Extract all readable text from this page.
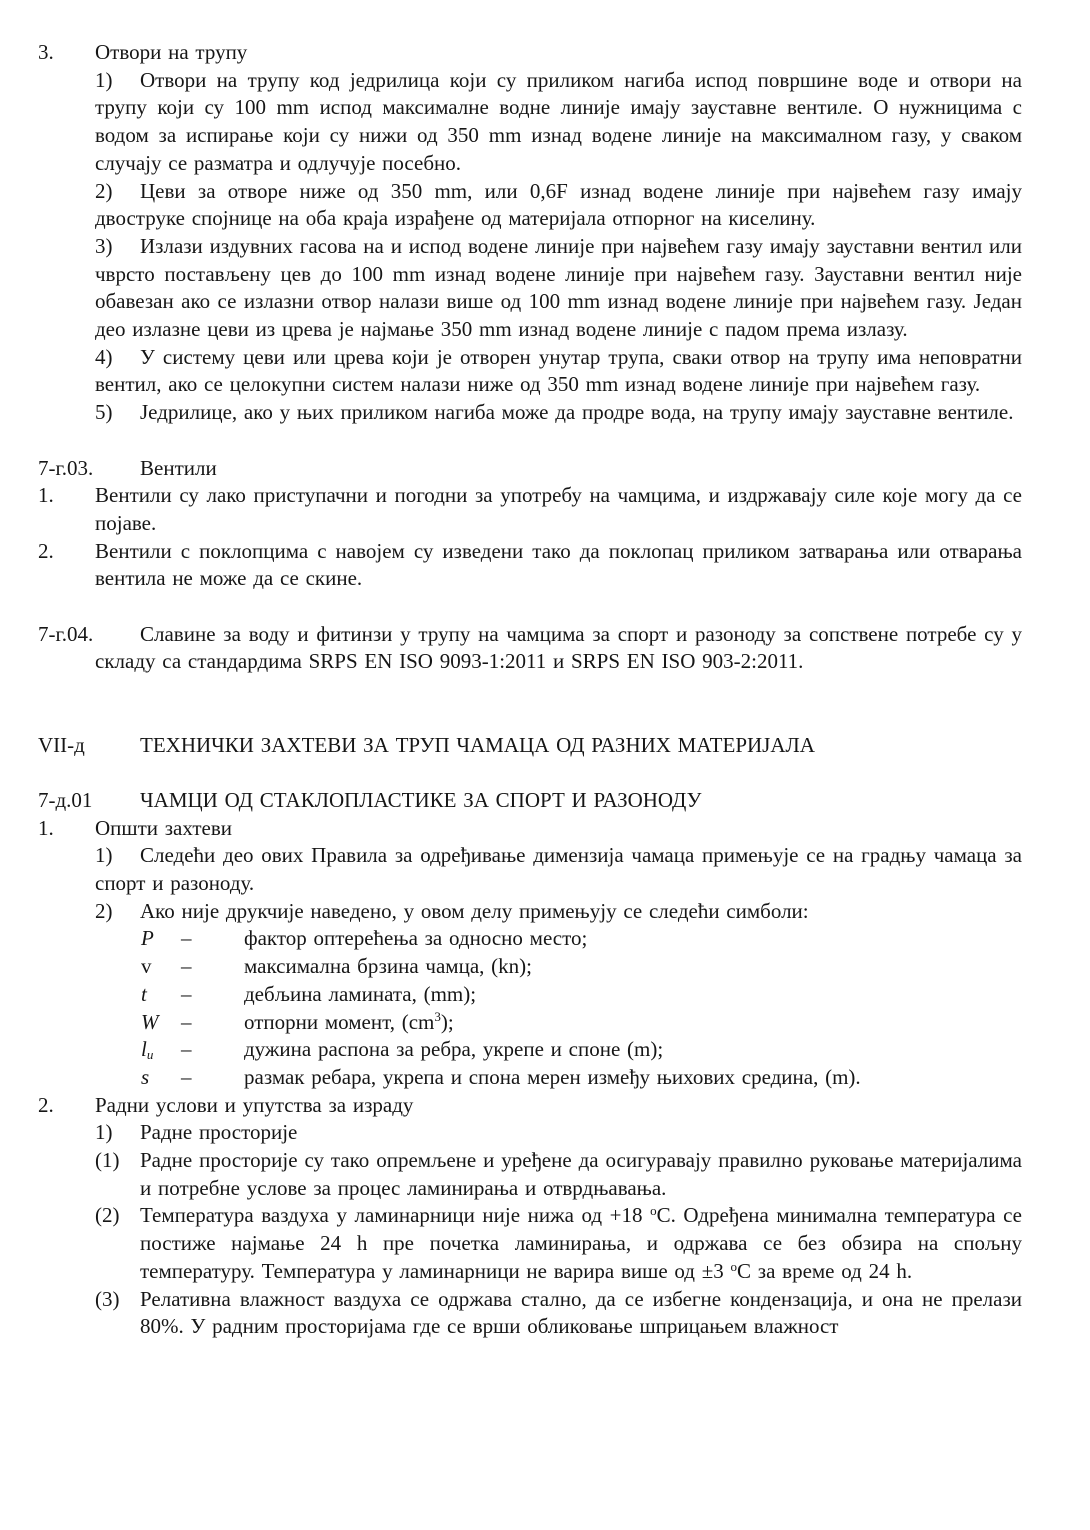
3. Отвори на трупу

1) Отвори на трупу код једрилица који су приликом нагиба испод површине воде и отвори на трупу који су 100 mm испод максималне водне линије имају зауставне вентиле. О нужницима с водом за испирање који су нижи од 350 mm изнад водене линије на максималном газу, у сваком случају се разматра и одлучује посебно.

2) Цеви за отворе ниже од 350 mm, или 0,6F изнад водене линије при највећем газу имају двоструке спојнице на оба краја израђене од материјала отпорног на киселину.

3) Излази издувних гасова на и испод водене линије при највећем газу имају зауставни вентил или чврсто постављену цев до 100 mm изнад водене линије при највећем газу. Зауставни вентил није обавезан ако се излазни отвор налази више од 100 mm изнад водене линије при највећем газу. Један део излазне цеви из црева је најмање 350 mm изнад водене линије с падом према излазу.

4) У систему цеви или црева који је отворен унутар трупа, сваки отвор на трупу има неповратни вентил, ако се целокупни систем налази ниже од 350 mm изнад водене линије при највећем газу.

5) Једрилице, ако у њих приликом нагиба може да продре вода, на трупу имају зауставне вентиле.

7-г.03. Вентили

1. Вентили су лако приступачни и погодни за употребу на чамцима, и издржавају силе које могу да се појаве.

2. Вентили с поклопцима с навојем су изведени тако да поклопац приликом затварања или отварања вентила не може да се скине.

7-г.04. Славине за воду и фитинзи у трупу на чамцима за спорт и разоноду за сопствене потребе су у складу са стандардима SRPS EN ISO 9093-1:2011 и SRPS EN ISO 903-2:2011.

VII-д	ТЕХНИЧКИ ЗАХТЕВИ ЗА ТРУП ЧАМАЦА ОД РАЗНИХ МАТЕРИЈАЛА

7-д.01 ЧАМЦИ ОД СТАКЛОПЛАСТИКЕ ЗА СПОРТ И РАЗОНОДУ

1. Општи захтеви

1) Следећи део ових Правила за одређивање димензија чамаца примењује се на градњу чамаца за спорт и разоноду.

2) Ако није друкчије наведено, у овом делу примењују се следећи симболи:

P –	фактор оптерећења за односно место;

v –	максимална брзина чамца, (kn);

t –	дебљина ламината, (mm);

W –	отпорни момент, $(cm^3)$;

$l_u$ –	дужина распона за ребра, укрепе и споне (m);

s –	размак ребара, укрепа и спона мерен између њихових средина, (m).

2. Радни услови и упутства за израду

1) Радне просторије

(1) Радне просторије су тако опремљене и уређене да осигуравају правилно руковање материјалима и потребне услове за процес ламинирања и отврдњавања.

(2) Температура ваздуха у ламинарници није нижа од +18 $^o$C. Одређена минимална температура се постиже најмање 24 h пре почетка ламинирања, и одржава се без обзира на спољну температуру. Температура у ламинарници не варира више од ±3 $^o$C за време од 24 h.

(3) Релативна влажност ваздуха се одржава стално, да се избегне кондензација, и она не прелази 80%. У радним просторијама где се врши обликовање шприцањем влажност
